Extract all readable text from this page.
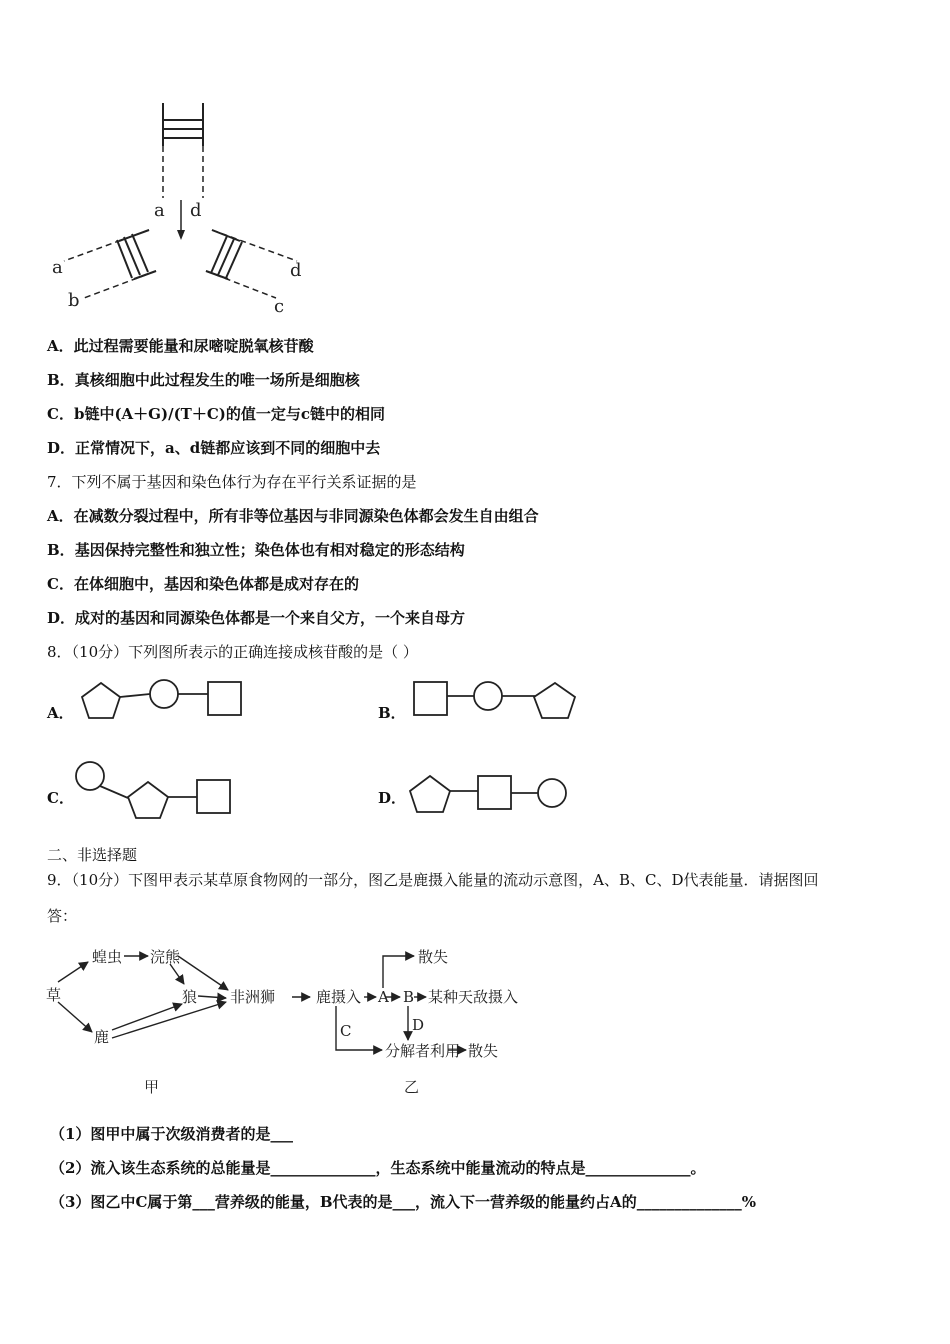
a d
a
b
d
c
A．此过程需要能量和尿嘧啶脱氧核苷酸
B．真核细胞中此过程发生的唯一场所是细胞核
C．b链中(A＋G)/(T＋C)的值一定与c链中的相同
D．正常情况下，a、d链都应该到不同的细胞中去
7．下列不属于基因和染色体行为存在平行关系证据的是
A．在减数分裂过程中，所有非等位基因与非同源染色体都会发生自由组合
B．基因保持完整性和独立性；染色体也有相对稳定的形态结构
C．在体细胞中，基因和染色体都是成对存在的
D．成对的基因和同源染色体都是一个来自父方，一个来自母方
8．（10分）下列图所表示的正确连接成核苷酸的是（ ）
A．	B．
C．	D．
二、非选择题
9．（10分）下图甲表示某草原食物网的一部分，图乙是鹿摄入能量的流动示意图，A、B、C、D代表能量．请据图回
答：
草
蝗虫 浣熊
狼 非洲狮
鹿
甲
鹿摄入 A B 某种天敌摄入
散失
C	D
分解者利用 散失
乙
（1）图甲中属于次级消费者的是___
（2）流入该生态系统的总能量是______________，生态系统中能量流动的特点是______________。
（3）图乙中C属于第___营养级的能量，B代表的是___，流入下一营养级的能量约占A的______________%
